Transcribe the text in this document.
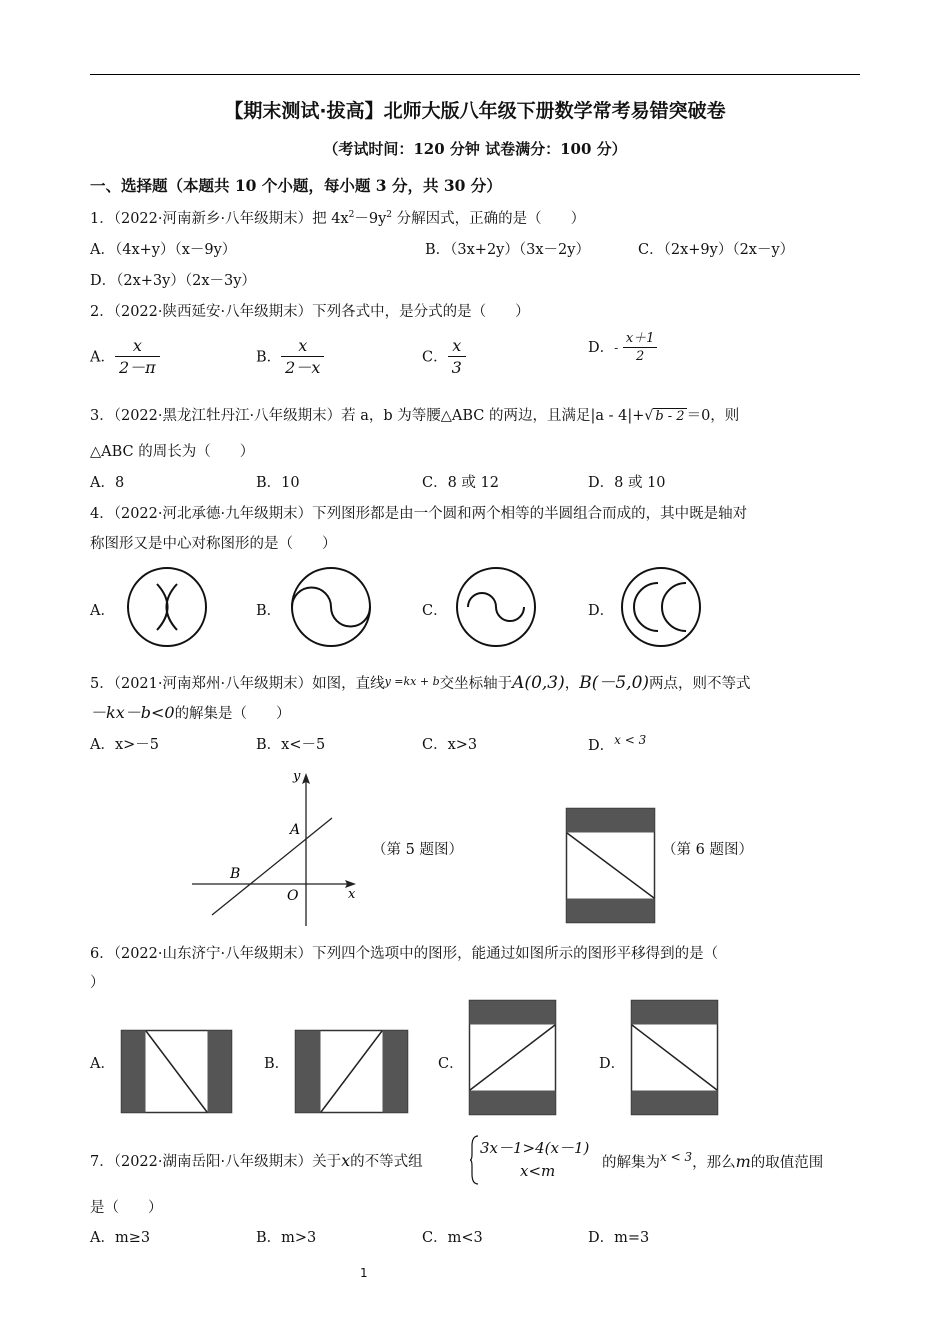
【期末测试·拔高】北师大版八年级下册数学常考易错突破卷
（考试时间：120 分钟 试卷满分：100 分）
一、选择题（本题共 10 个小题，每小题 3 分，共 30 分）
1．（2022·河南新乡·八年级期末）把 $4x^2-9y^2$ 分解因式，正确的是（　　）
A．（4x+y）（x－9y）	B．（3x+2y）（3x－2y）	C．（2x+9y）（2x－y）
D．（2x+3y）（2x－3y）
2．（2022·陕西延安·八年级期末）下列各式中，是分式的是（　　）
A． $\frac{x}{2-\pi}$	B． $\frac{x}{2-x}$	C． $\frac{x}{3}$	D．- $\frac{x+1}{2}$
3．（2022·黑龙江牡丹江·八年级期末）若 a，b 为等腰△ABC 的两边，且满足|a - 4|+√ b - 2 ＝0，则
△ABC 的周长为（　　）
A．8	B．10	C．8 或 12	D．8 或 10
4．（2022·河北承德·九年级期末）下列图形都是由一个圆和两个相等的半圆组合而成的，其中既是轴对
称图形又是中心对称图形的是（　　）
A．	B．	C．	D．
5．（2021·河南郑州·八年级期末）如图，直线$^{y =kx + b}$交坐标轴于A(0,3)，B(－5,0)两点，则不等式
－kx－b<0的解集是（　　）
A．x>－5	B．x<－5	C．x>3	D．$^{x < 3}$
y
x
A
B
O
（第 5 题图）	（第 6 题图）
6．（2022·山东济宁·八年级期末）下列四个选项中的图形，能通过如图所示的图形平移得到的是（
）
A．	B．	C．	D．
7．（2022·湖南岳阳·八年级期末）关于x的不等式组
3x－1>4(x－1)
x<m	的解集为$^{x < 3}$，那么m的取值范围
是（　　）
A．m≥3	B．m>3	C．m<3	D．m=3
1
